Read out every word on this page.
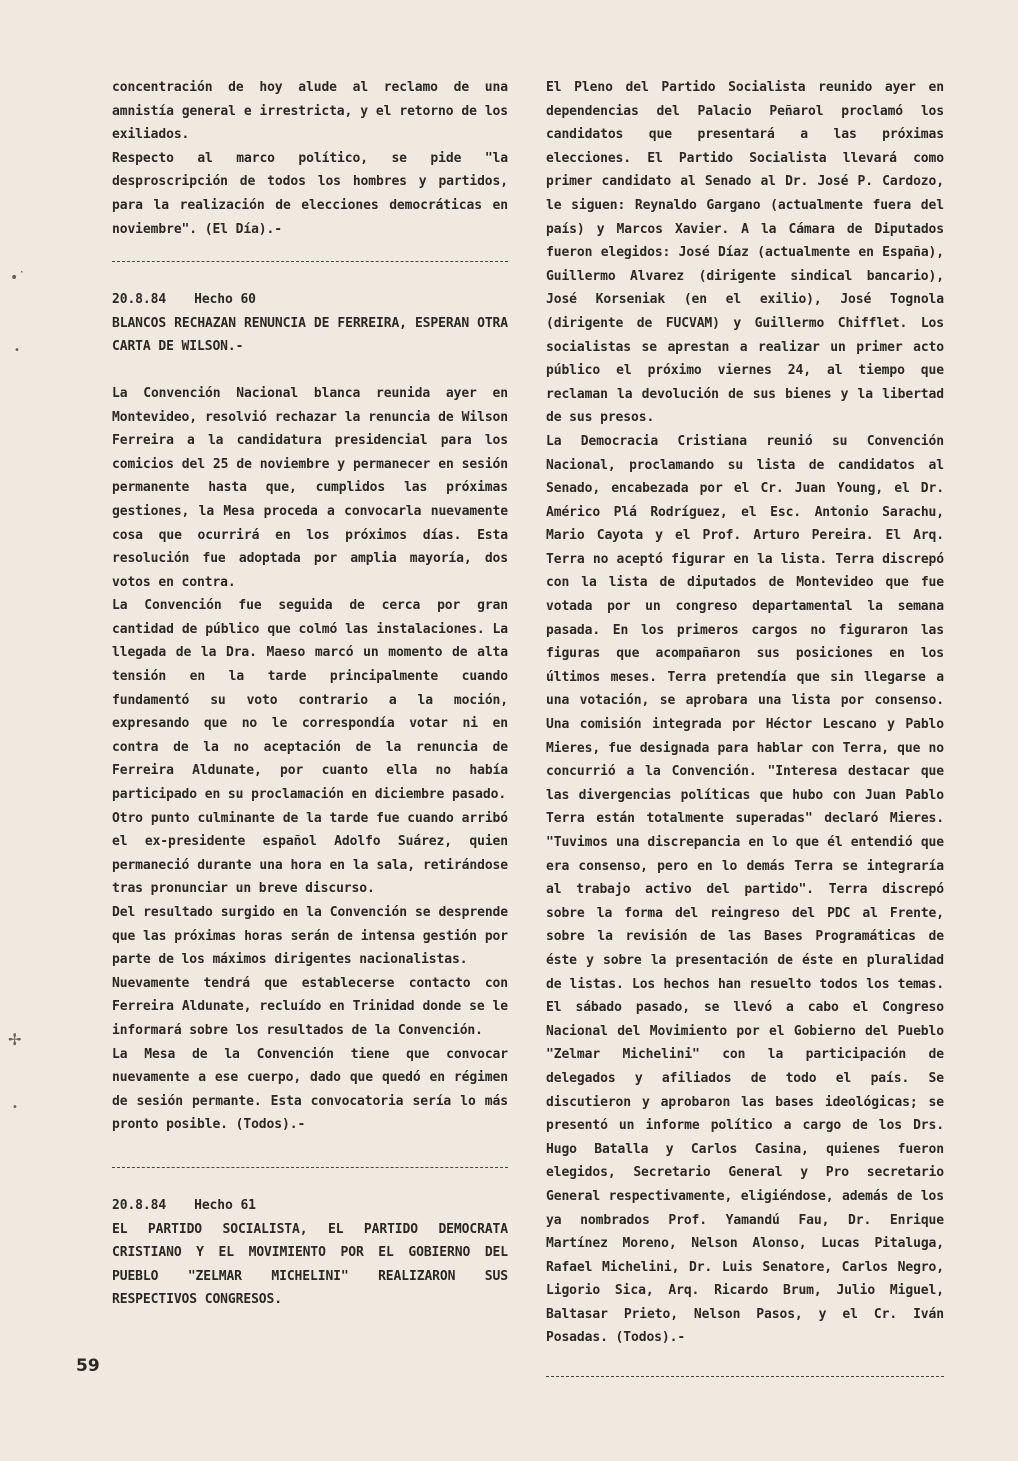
concentración de hoy alude al reclamo de una amnistía general e irrestricta, y el retorno de los exiliados.

Respecto al marco político, se pide "la desproscripción de todos los hombres y partidos, para la realización de elecciones democráticas en noviembre". (El Día).-

20.8.84 Hecho 60

BLANCOS RECHAZAN RENUNCIA DE FERREIRA, ESPERAN OTRA CARTA DE WILSON.-

La Convención Nacional blanca reunida ayer en Montevideo, resolvió rechazar la renuncia de Wilson Ferreira a la candidatura presidencial para los comicios del 25 de noviembre y permanecer en sesión permanente hasta que, cumplidos las próximas gestiones, la Mesa proceda a convocarla nuevamente cosa que ocurrirá en los próximos días. Esta resolución fue adoptada por amplia mayoría, dos votos en contra.

La Convención fue seguida de cerca por gran cantidad de público que colmó las instalaciones. La llegada de la Dra. Maeso marcó un momento de alta tensión en la tarde principalmente cuando fundamentó su voto contrario a la moción, expresando que no le correspondía votar ni en contra de la no aceptación de la renuncia de Ferreira Aldunate, por cuanto ella no había participado en su proclamación en diciembre pasado.

Otro punto culminante de la tarde fue cuando arribó el ex-presidente español Adolfo Suárez, quien permaneció durante una hora en la sala, retirándose tras pronunciar un breve discurso.

Del resultado surgido en la Convención se desprende que las próximas horas serán de intensa gestión por parte de los máximos dirigentes nacionalistas.

Nuevamente tendrá que establecerse contacto con Ferreira Aldunate, recluído en Trinidad donde se le informará sobre los resultados de la Convención.

La Mesa de la Convención tiene que convocar nuevamente a ese cuerpo, dado que quedó en régimen de sesión permante. Esta convocatoria sería lo más pronto posible. (Todos).-

20.8.84 Hecho 61

EL PARTIDO SOCIALISTA, EL PARTIDO DEMOCRATA CRISTIANO Y EL MOVIMIENTO POR EL GOBIERNO DEL PUEBLO "ZELMAR MICHELINI" REALIZARON SUS RESPECTIVOS CONGRESOS.

El Pleno del Partido Socialista reunido ayer en dependencias del Palacio Peñarol proclamó los candidatos que presentará a las próximas elecciones. El Partido Socialista llevará como primer candidato al Senado al Dr. José P. Cardozo, le siguen: Reynaldo Gargano (actualmente fuera del país) y Marcos Xavier. A la Cámara de Diputados fueron elegidos: José Díaz (actualmente en España), Guillermo Alvarez (dirigente sindical bancario), José Korseniak (en el exilio), José Tognola (dirigente de FUCVAM) y Guillermo Chifflet. Los socialistas se aprestan a realizar un primer acto público el próximo viernes 24, al tiempo que reclaman la devolución de sus bienes y la libertad de sus presos.

La Democracia Cristiana reunió su Convención Nacional, proclamando su lista de candidatos al Senado, encabezada por el Cr. Juan Young, el Dr. Américo Plá Rodríguez, el Esc. Antonio Sarachu, Mario Cayota y el Prof. Arturo Pereira. El Arq. Terra no aceptó figurar en la lista. Terra discrepó con la lista de diputados de Montevideo que fue votada por un congreso departamental la semana pasada. En los primeros cargos no figuraron las figuras que acompañaron sus posiciones en los últimos meses. Terra pretendía que sin llegarse a una votación, se aprobara una lista por consenso. Una comisión integrada por Héctor Lescano y Pablo Mieres, fue designada para hablar con Terra, que no concurrió a la Convención. "Interesa destacar que las divergencias políticas que hubo con Juan Pablo Terra están totalmente superadas" declaró Mieres. "Tuvimos una discrepancia en lo que él entendió que era consenso, pero en lo demás Terra se integraría al trabajo activo del partido". Terra discrepó sobre la forma del reingreso del PDC al Frente, sobre la revisión de las Bases Programáticas de éste y sobre la presentación de éste en pluralidad de listas. Los hechos han resuelto todos los temas. El sábado pasado, se llevó a cabo el Congreso Nacional del Movimiento por el Gobierno del Pueblo "Zelmar Michelini" con la participación de delegados y afiliados de todo el país. Se discutieron y aprobaron las bases ideológicas; se presentó un informe político a cargo de los Drs. Hugo Batalla y Carlos Casina, quienes fueron elegidos, Secretario General y Pro secretario General respectivamente, eligiéndose, además de los ya nombrados Prof. Yamandú Fau, Dr. Enrique Martínez Moreno, Nelson Alonso, Lucas Pitaluga, Rafael Michelini, Dr. Luis Senatore, Carlos Negro, Ligorio Sica, Arq. Ricardo Brum, Julio Miguel, Baltasar Prieto, Nelson Pasos, y el Cr. Iván Posadas. (Todos).-

59
•˙
•
✢
•
